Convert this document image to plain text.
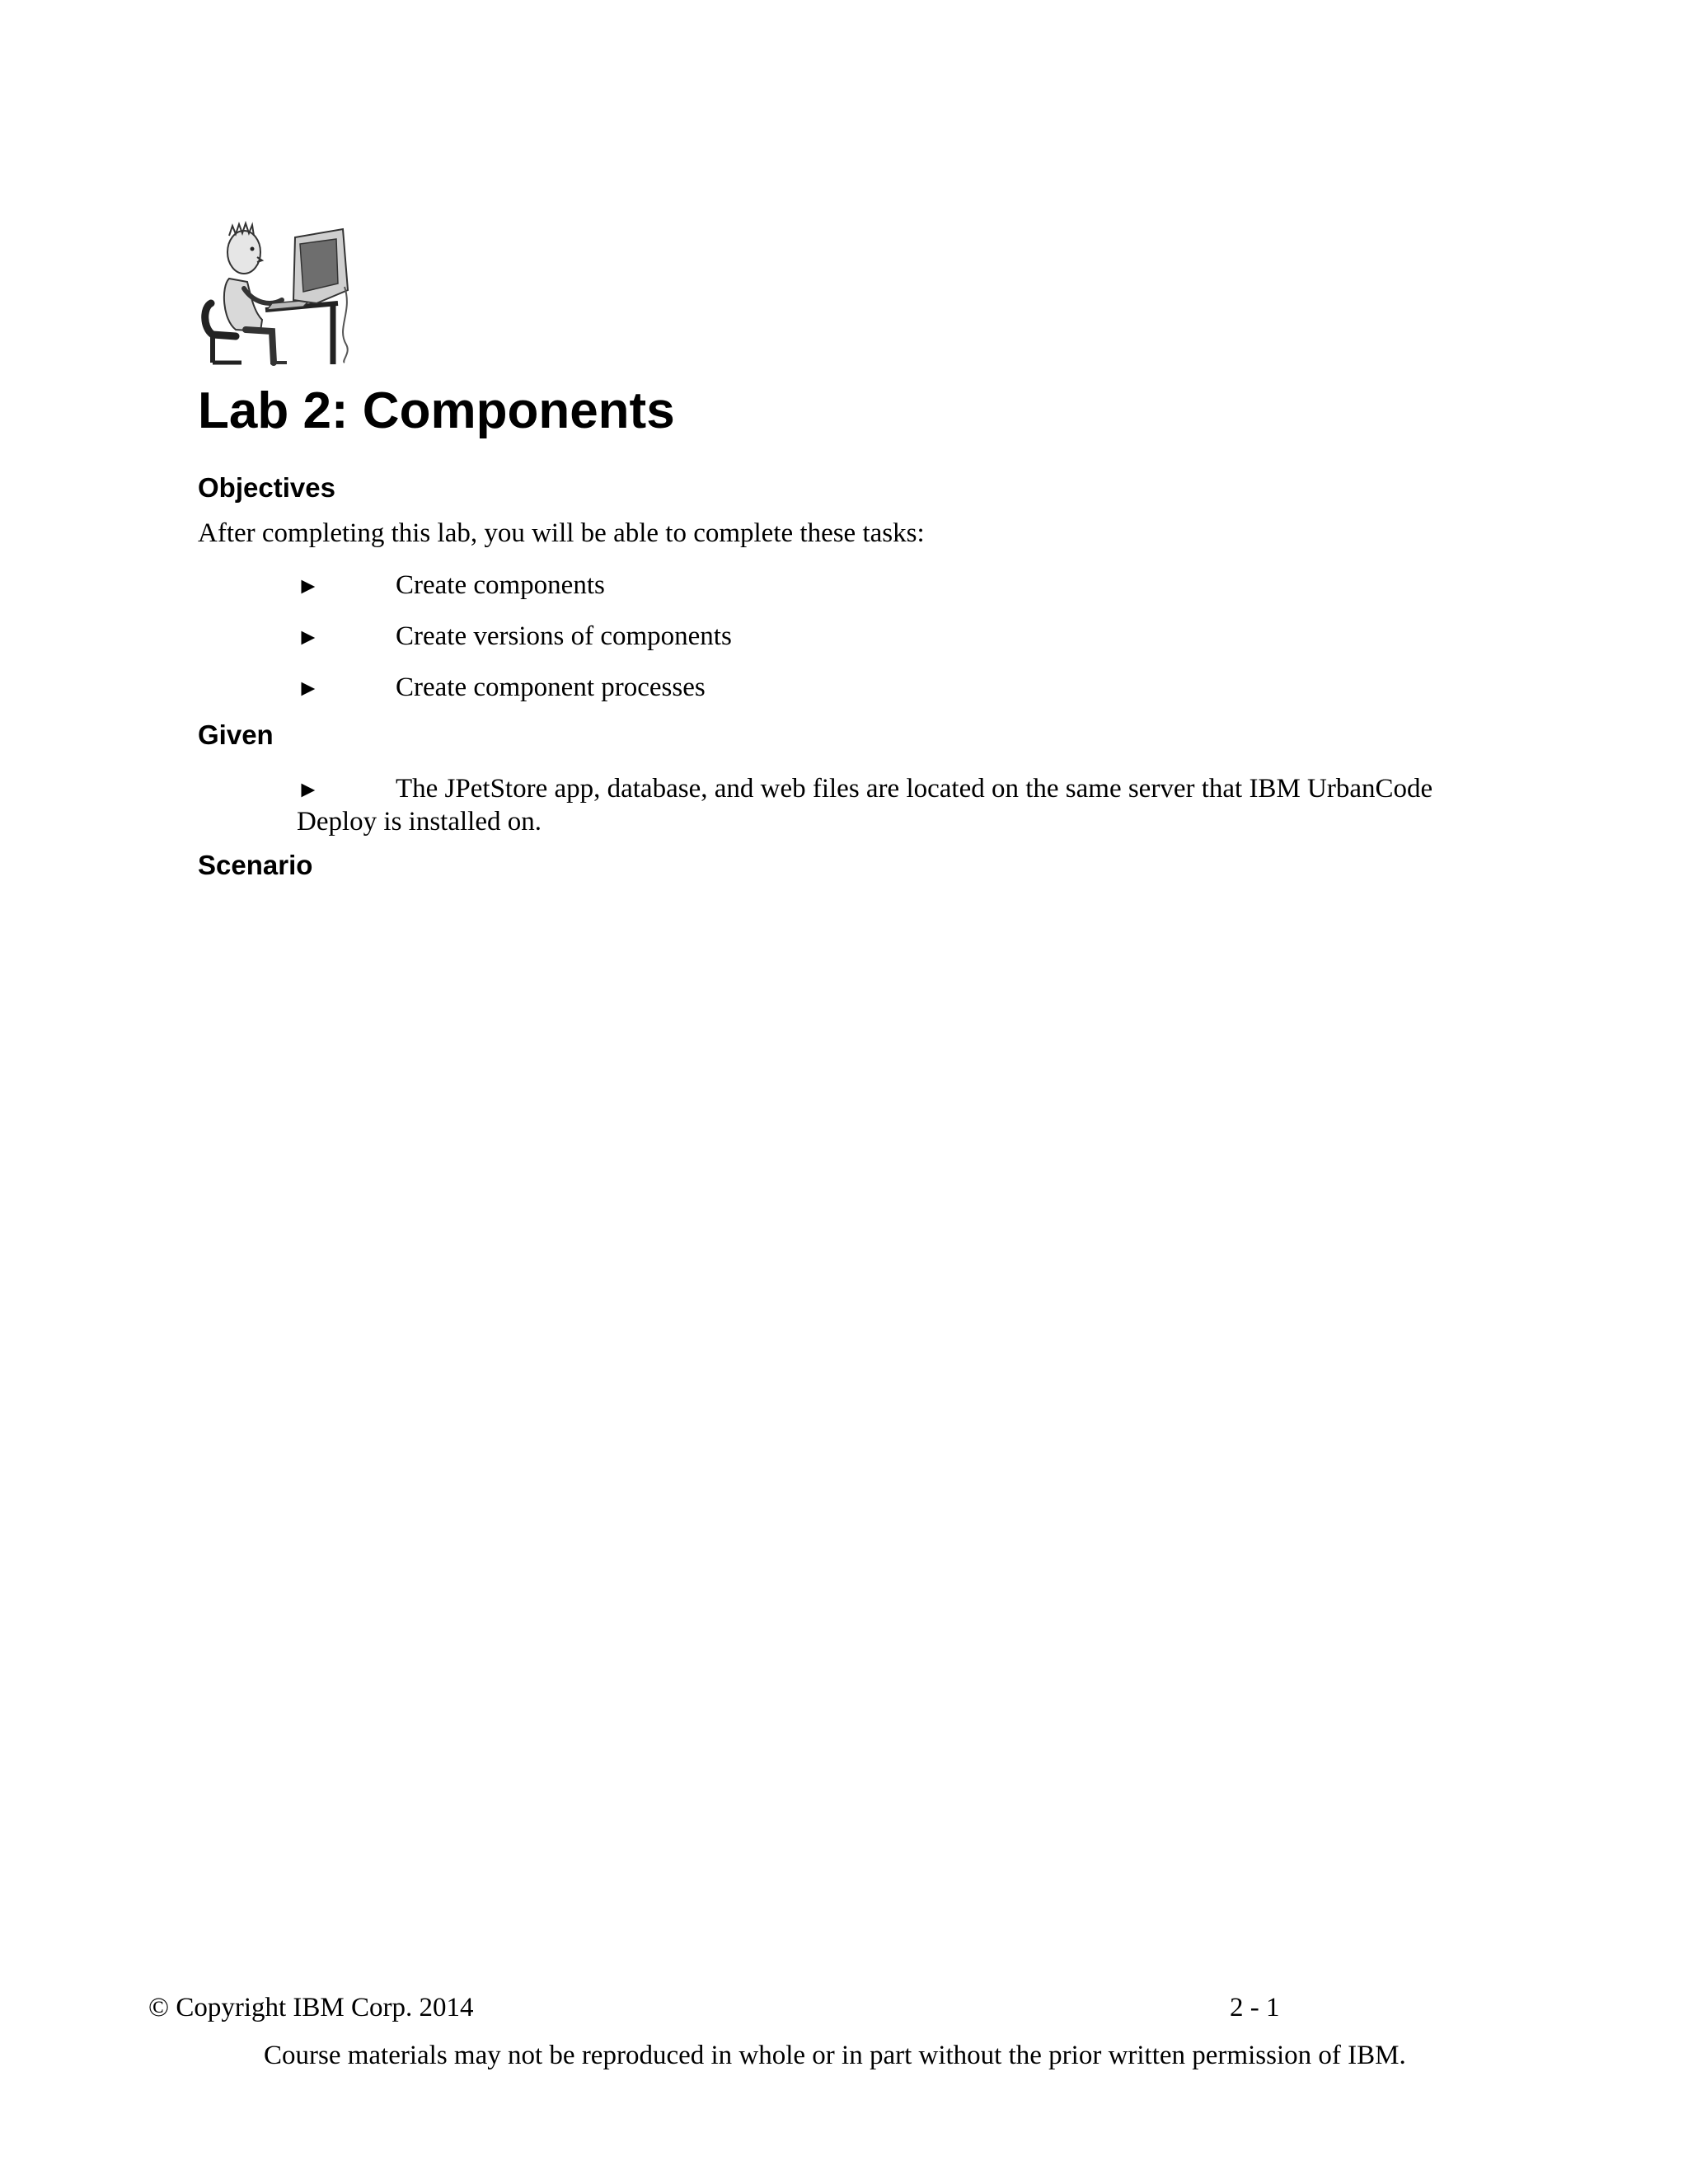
Lab 2: Components
Objectives
After completing this lab, you will be able to complete these tasks:
►	Create components
►	Create versions of components
►	Create component processes
Given
►	The JPetStore app, database, and web files are located on the same server that IBM UrbanCode Deploy is installed on.
Scenario
© Copyright IBM Corp. 2014	2 - 1
Course materials may not be reproduced in whole or in part without the prior written permission of IBM.
